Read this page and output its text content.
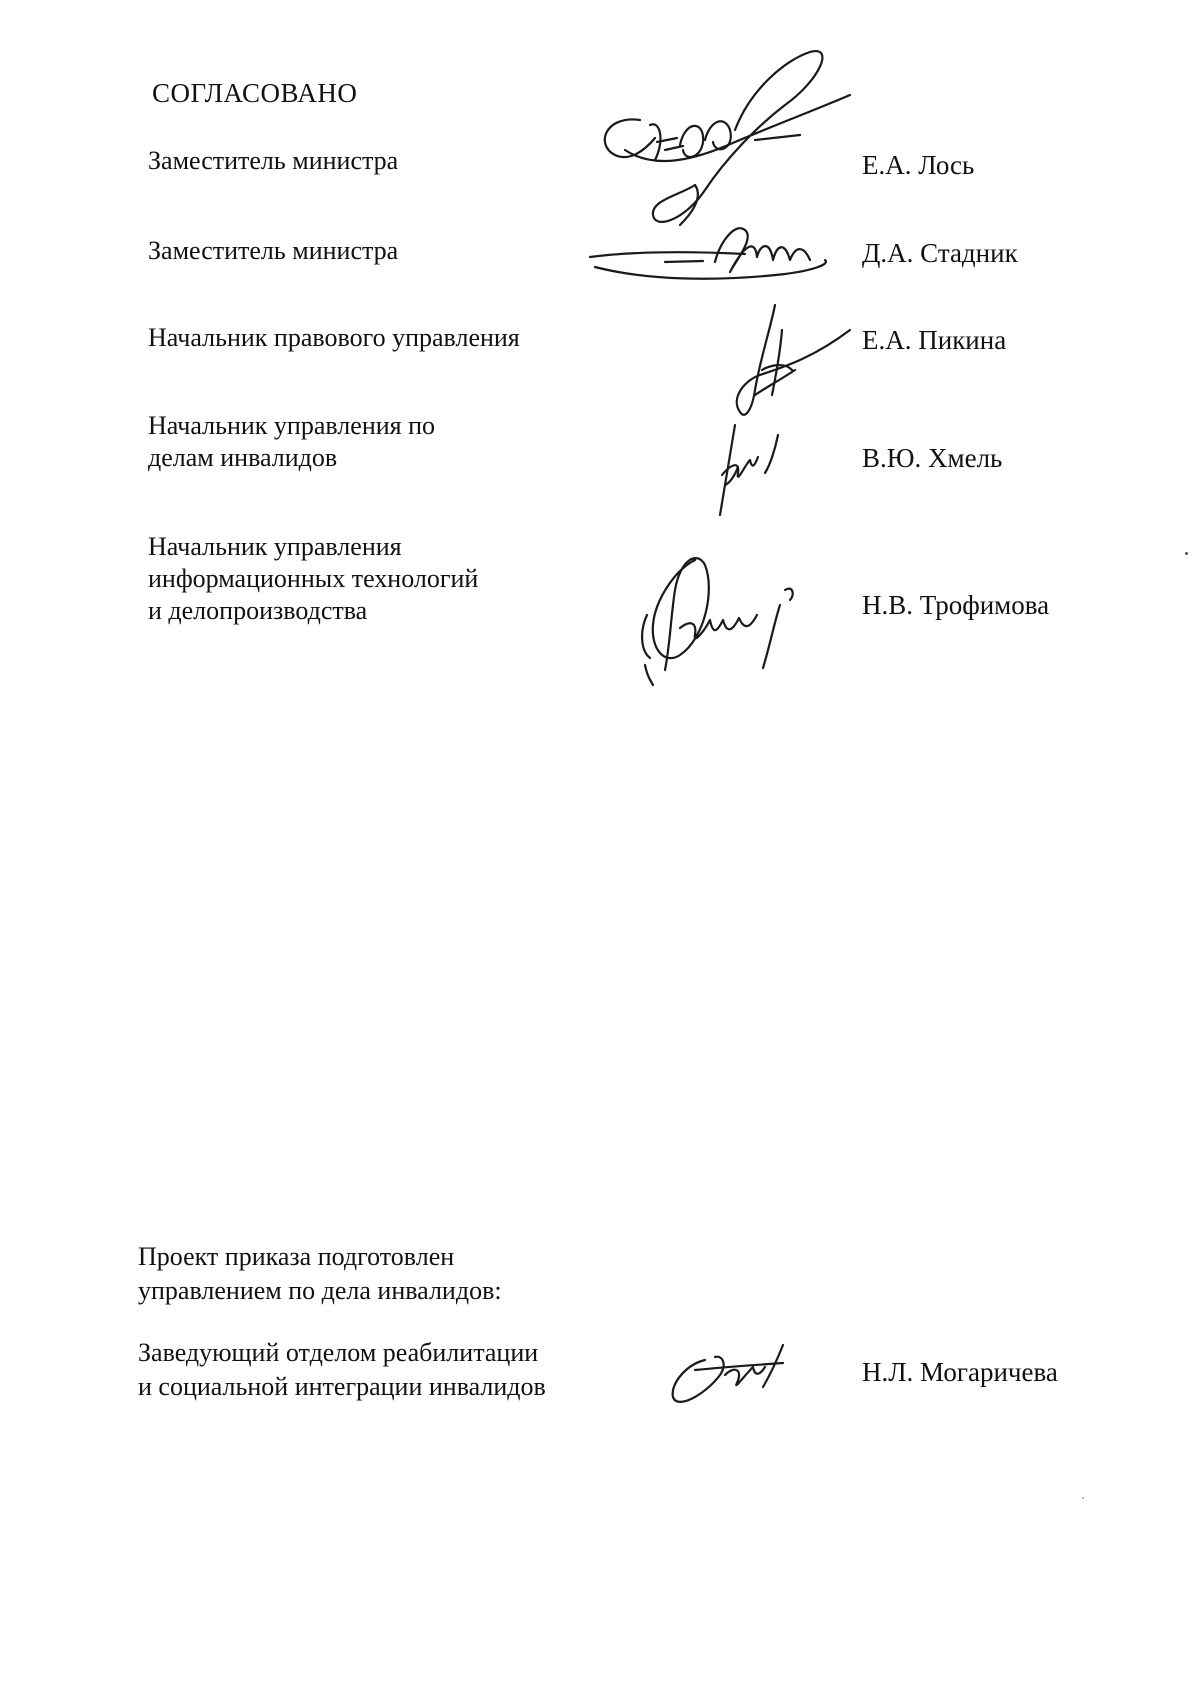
СОГЛАСОВАНО
Заместитель министра	Е.А. Лось
Заместитель министра	Д.А. Стадник
Начальник правового управления	Е.А. Пикина
Начальник управления по
делам инвалидов	В.Ю. Хмель
Начальник управления
информационных технологий
и делопроизводства	Н.В. Трофимова
Проект приказа подготовлен
управлением по дела инвалидов:
Заведующий отделом реабилитации
и социальной интеграции инвалидов	Н.Л. Могаричева
